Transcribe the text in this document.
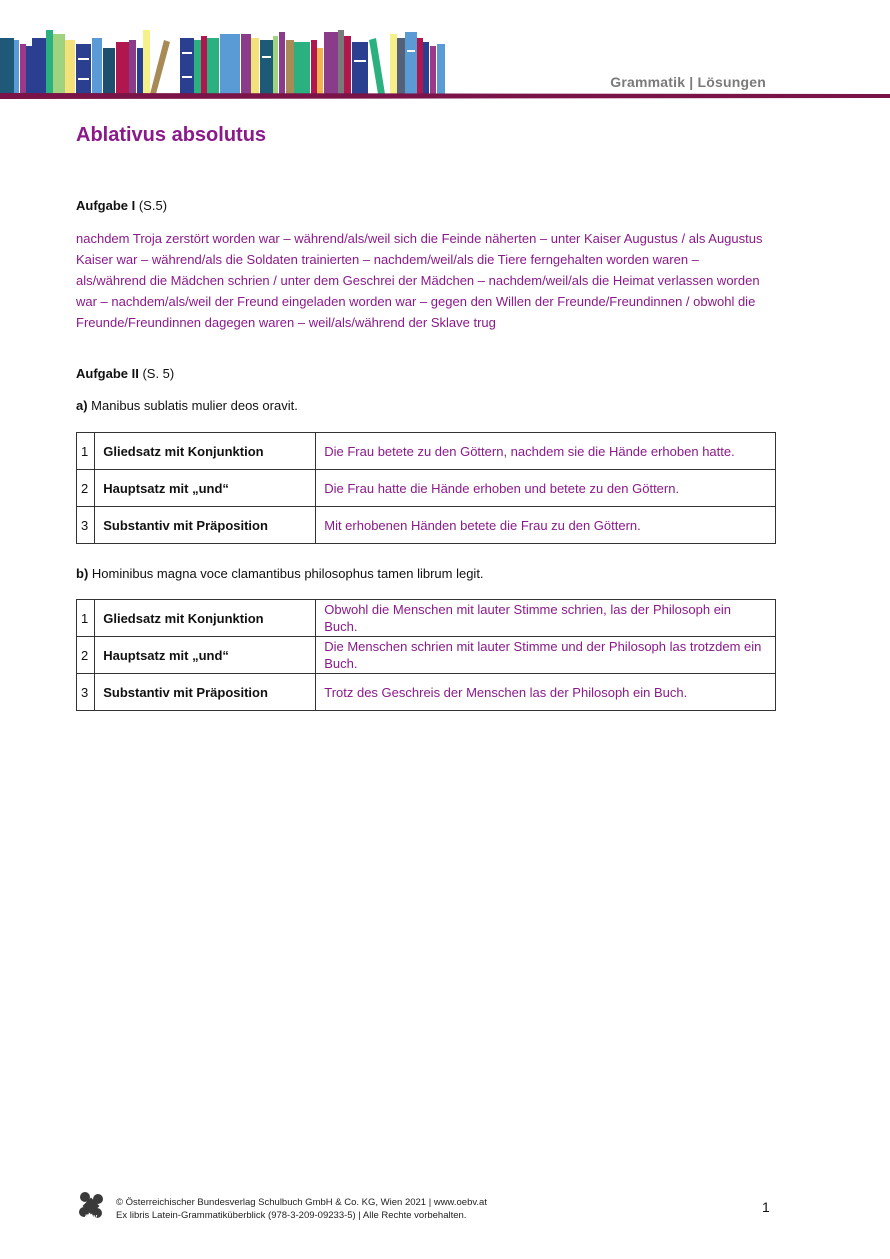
Grammatik | Lösungen
Ablativus absolutus
Aufgabe I (S.5)
nachdem Troja zerstört worden war – während/als/weil sich die Feinde näherten – unter Kaiser Augustus / als Augustus Kaiser war – während/als die Soldaten trainierten – nachdem/weil/als die Tiere ferngehalten worden waren – als/während die Mädchen schrien / unter dem Geschrei der Mädchen – nachdem/weil/als die Heimat verlassen worden war – nachdem/als/weil der Freund eingeladen worden war – gegen den Willen der Freunde/Freundinnen / obwohl die Freunde/Freundinnen dagegen waren – weil/als/während der Sklave trug
Aufgabe II (S. 5)
a) Manibus sublatis mulier deos oravit.
1	Gliedsatz mit Konjunktion	Die Frau betete zu den Göttern, nachdem sie die Hände erhoben hatte.
2	Hauptsatz mit „und“	Die Frau hatte die Hände erhoben und betete zu den Göttern.
3	Substantiv mit Präposition	Mit erhobenen Händen betete die Frau zu den Göttern.
b) Hominibus magna voce clamantibus philosophus tamen librum legit.
1	Gliedsatz mit Konjunktion	Obwohl die Menschen mit lauter Stimme schrien, las der Philosoph ein Buch.
2	Hauptsatz mit „und“	Die Menschen schrien mit lauter Stimme und der Philosoph las trotzdem ein Buch.
3	Substantiv mit Präposition	Trotz des Geschreis der Menschen las der Philosoph ein Buch.
öbv
© Österreichischer Bundesverlag Schulbuch GmbH & Co. KG, Wien 2021 | www.oebv.at
Ex libris Latein-Grammatiküberblick (978-3-209-09233-5) | Alle Rechte vorbehalten.
1
